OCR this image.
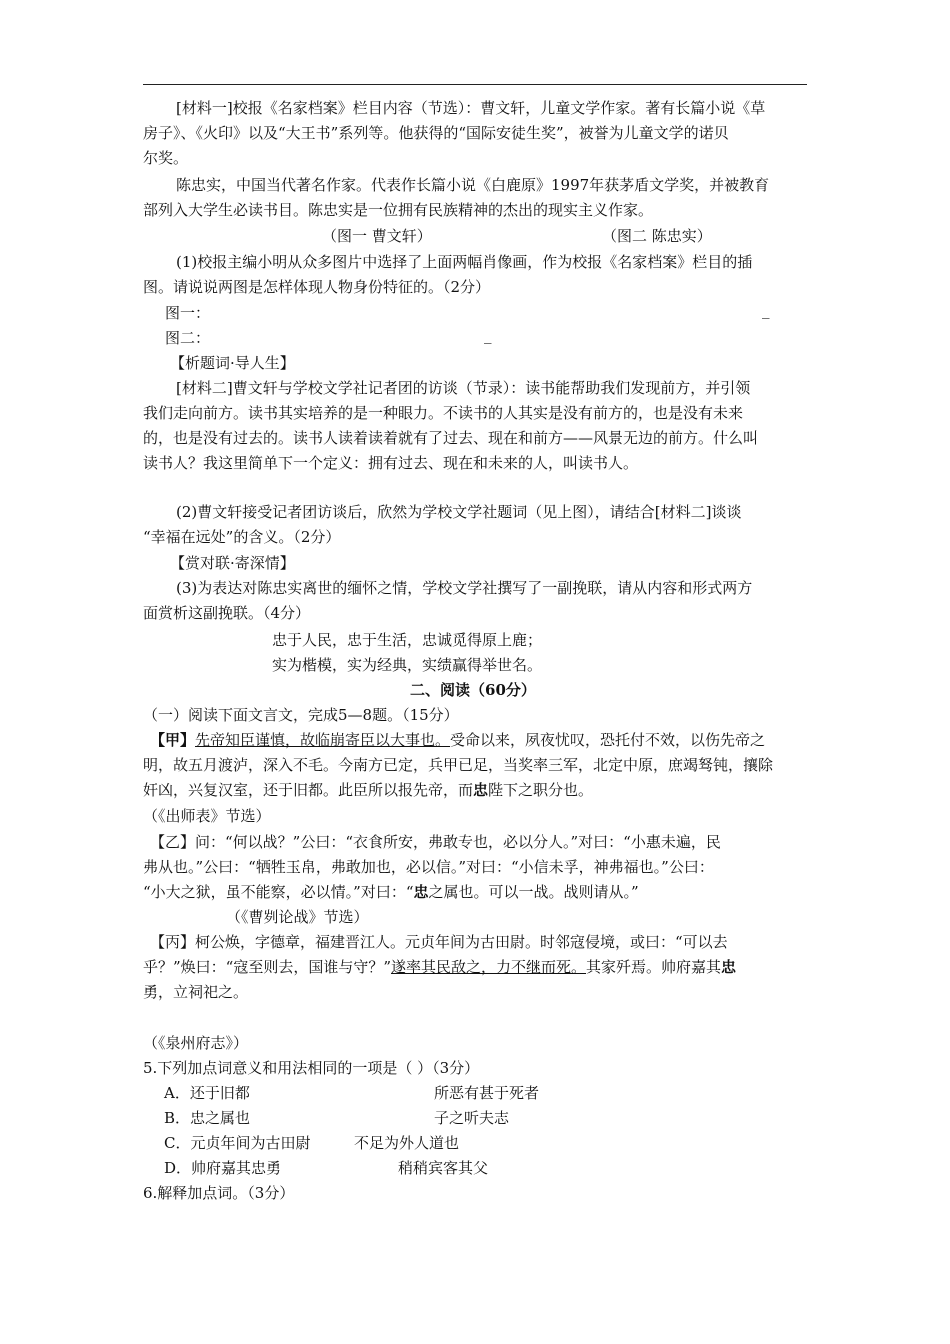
[材料一]校报《名家档案》栏目内容（节选）：曹文轩，儿童文学作家。著有长篇小说《草
房子》、《火印》以及“大王书”系列等。他获得的“国际安徒生奖”，被誉为儿童文学的诺贝
尔奖。
陈忠实，中国当代著名作家。代表作长篇小说《白鹿原》1997年获茅盾文学奖，并被教育
部列入大学生必读书目。陈忠实是一位拥有民族精神的杰出的现实主义作家。
（图一 曹文轩）	（图二 陈忠实）
(1)校报主编小明从众多图片中选择了上面两幅肖像画，作为校报《名家档案》栏目的插
图。请说说两图是怎样体现人物身份特征的。（2分）
图一：	_
图二：	_
【析题词·导人生】
[材料二]曹文轩与学校文学社记者团的访谈（节录）：读书能帮助我们发现前方，并引领
我们走向前方。读书其实培养的是一种眼力。不读书的人其实是没有前方的，也是没有未来
的，也是没有过去的。读书人读着读着就有了过去、现在和前方——风景无边的前方。什么叫
读书人？我这里简单下一个定义：拥有过去、现在和未来的人，叫读书人。
(2)曹文轩接受记者团访谈后，欣然为学校文学社题词（见上图），请结合[材料二]谈谈
“幸福在远处”的含义。（2分）
【赏对联·寄深情】
(3)为表达对陈忠实离世的缅怀之情，学校文学社撰写了一副挽联，请从内容和形式两方
面赏析这副挽联。（4分）
忠于人民，忠于生活，忠诚觅得原上鹿；
实为楷模，实为经典，实绩赢得举世名。
二、阅读（60分）
（一）阅读下面文言文，完成5—8题。（15分）
【甲】先帝知臣谨慎，故临崩寄臣以大事也。受命以来，夙夜忧叹，恐托付不效，以伤先帝之
明，故五月渡泸，深入不毛。今南方已定，兵甲已足，当奖率三军，北定中原，庶竭驽钝，攘除
奸凶，兴复汉室，还于旧都。此臣所以报先帝，而忠陛下之职分也。
（《出师表》节选）
【乙】问：“何以战？”公曰：“衣食所安，弗敢专也，必以分人。”对曰：“小惠未遍，民
弗从也。”公曰：“牺牲玉帛，弗敢加也，必以信。”对曰：“小信未孚，神弗福也。”公曰：
“小大之狱，虽不能察，必以情。”对曰：“忠之属也。可以一战。战则请从。”
（《曹刿论战》节选）
【丙】柯公焕，字德章，福建晋江人。元贞年间为古田尉。时邻寇侵境，或曰：“可以去
乎？”焕曰：“寇至则去，国谁与守？”遂率其民敌之，力不继而死。其家歼焉。帅府嘉其忠
勇，立祠祀之。
（《泉州府志》）
5.下列加点词意义和用法相同的一项是（ ）（3分）
A．还于旧都	所恶有甚于死者
B．忠之属也	子之听夫志
C．元贞年间为古田尉	不足为外人道也
D．帅府嘉其忠勇	稍稍宾客其父
6.解释加点词。（3分）
